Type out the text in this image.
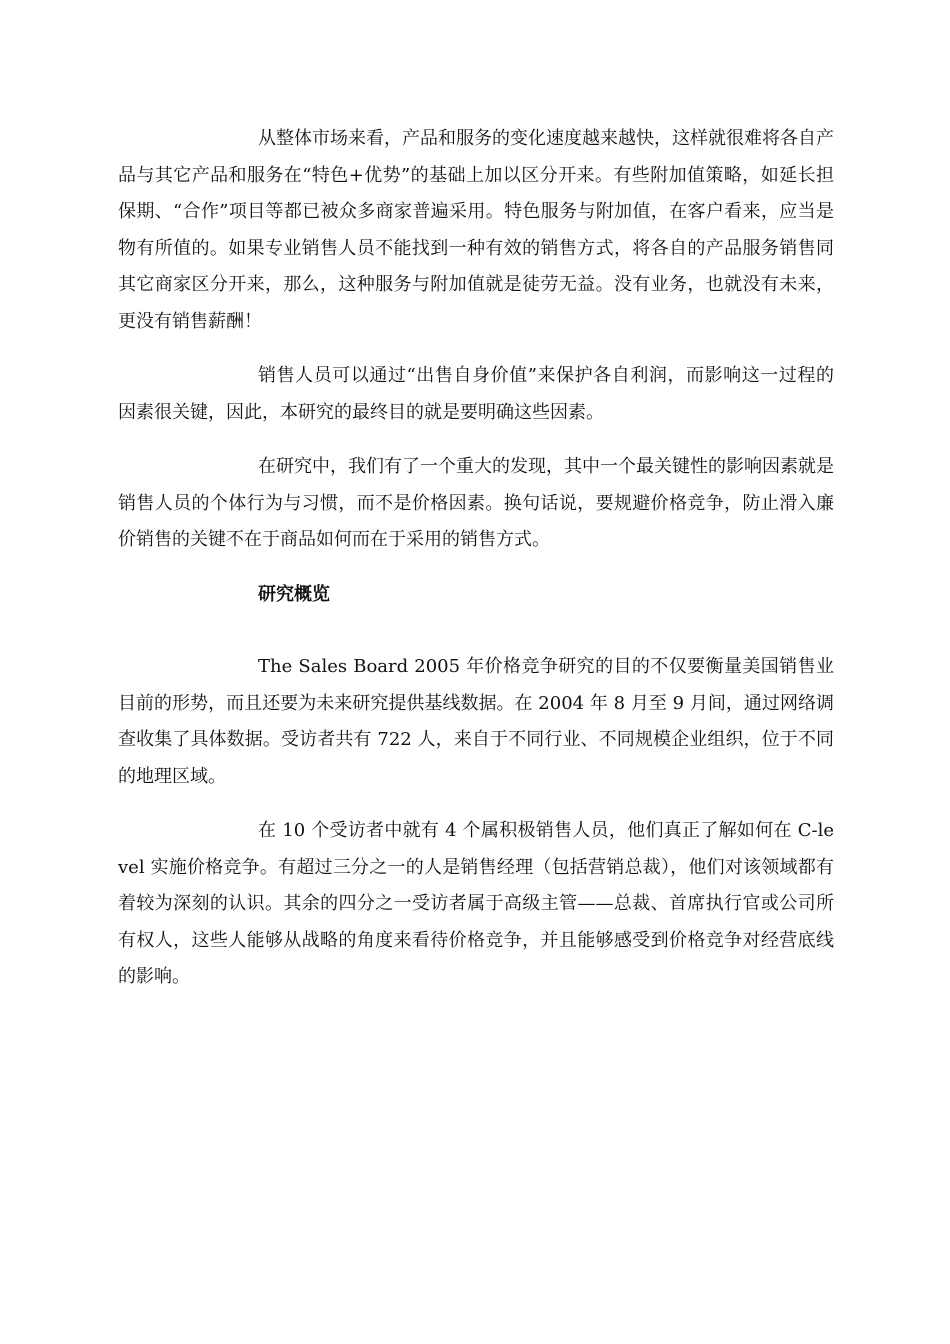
从整体市场来看，产品和服务的变化速度越来越快，这样就很难将各自产品与其它产品和服务在“特色+优势”的基础上加以区分开来。有些附加值策略，如延长担保期、“合作”项目等都已被众多商家普遍采用。特色服务与附加值，在客户看来，应当是物有所值的。如果专业销售人员不能找到一种有效的销售方式，将各自的产品服务销售同其它商家区分开来，那么，这种服务与附加值就是徒劳无益。没有业务，也就没有未来，更没有销售薪酬！

销售人员可以通过“出售自身价值”来保护各自利润，而影响这一过程的因素很关键，因此，本研究的最终目的就是要明确这些因素。

在研究中，我们有了一个重大的发现，其中一个最关键性的影响因素就是销售人员的个体行为与习惯，而不是价格因素。换句话说，要规避价格竞争，防止滑入廉价销售的关键不在于商品如何而在于采用的销售方式。

研究概览

The Sales Board 2005 年价格竞争研究的目的不仅要衡量美国销售业目前的形势，而且还要为未来研究提供基线数据。在 2004 年 8 月至 9 月间，通过网络调查收集了具体数据。受访者共有 722 人，来自于不同行业、不同规模企业组织，位于不同的地理区域。

在 10 个受访者中就有 4 个属积极销售人员，他们真正了解如何在 C-level 实施价格竞争。有超过三分之一的人是销售经理（包括营销总裁），他们对该领域都有着较为深刻的认识。其余的四分之一受访者属于高级主管——总裁、首席执行官或公司所有权人，这些人能够从战略的角度来看待价格竞争，并且能够感受到价格竞争对经营底线的影响。
